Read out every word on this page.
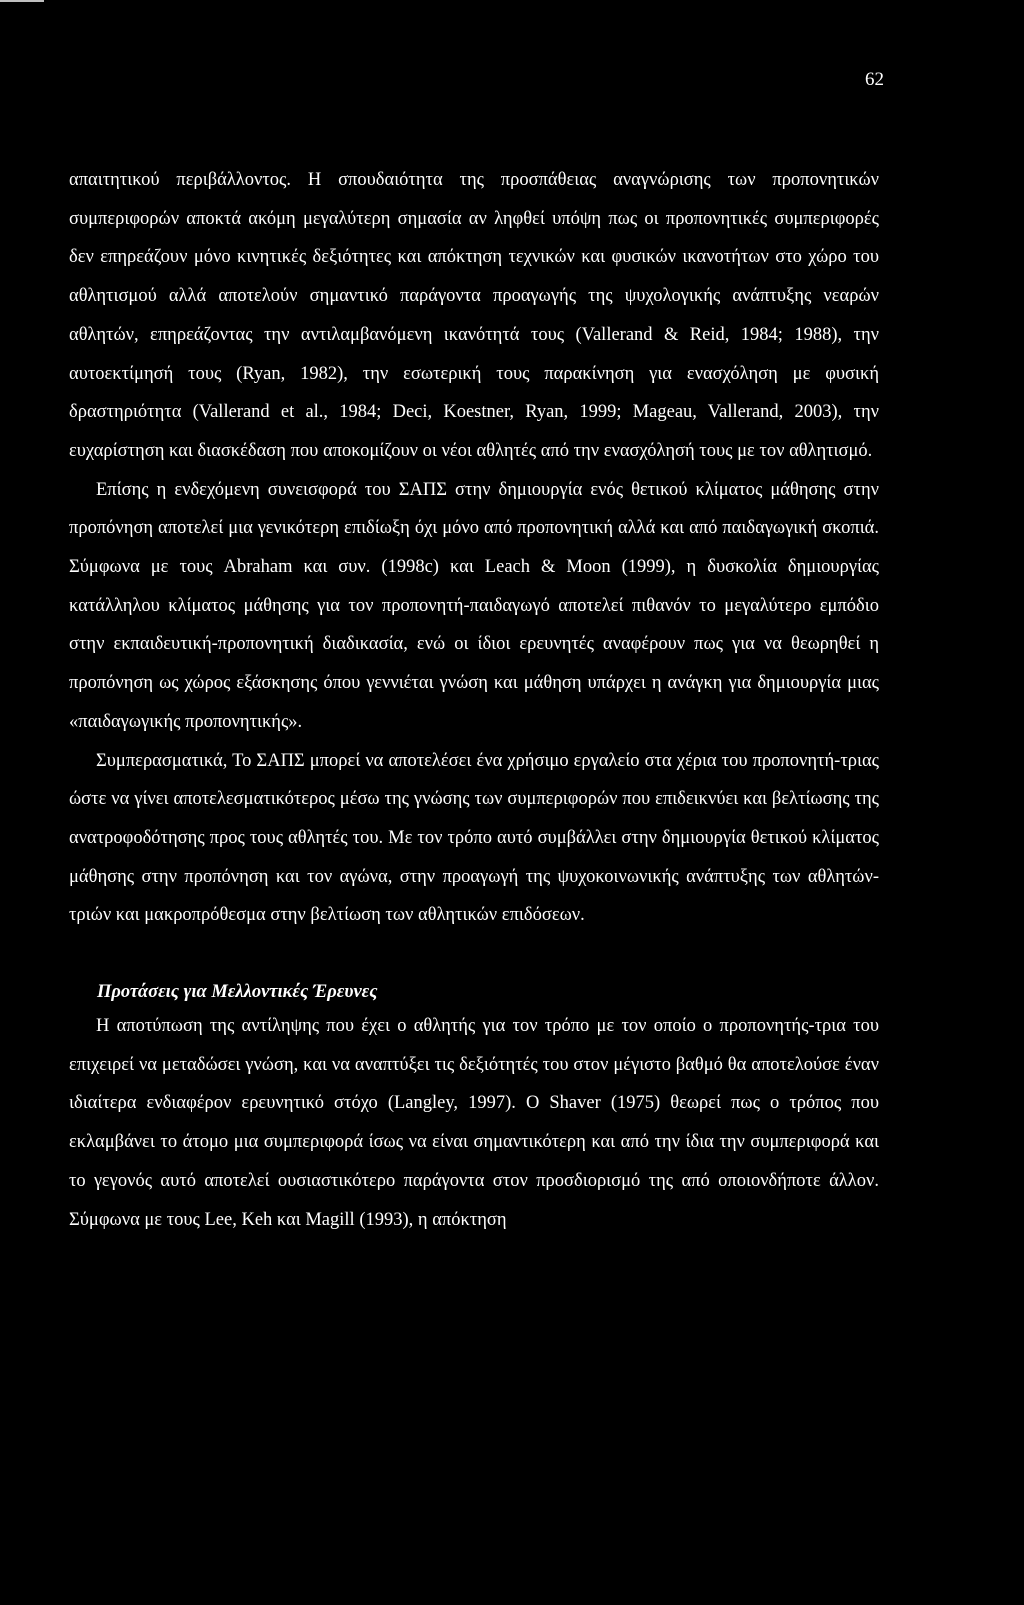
62

απαιτητικού περιβάλλοντος. Η σπουδαιότητα της προσπάθειας αναγνώρισης των προπονητικών συμπεριφορών αποκτά ακόμη μεγαλύτερη σημασία αν ληφθεί υπόψη πως οι προπονητικές συμπεριφορές δεν επηρεάζουν μόνο κινητικές δεξιότητες και απόκτηση τεχνικών και φυσικών ικανοτήτων στο χώρο του αθλητισμού αλλά αποτελούν σημαντικό παράγοντα προαγωγής της ψυχολογικής ανάπτυξης νεαρών αθλητών, επηρεάζοντας την αντιλαμβανόμενη ικανότητά τους (Vallerand & Reid, 1984; 1988), την αυτοεκτίμησή τους (Ryan, 1982), την εσωτερική τους παρακίνηση για ενασχόληση με φυσική δραστηριότητα (Vallerand et al., 1984; Deci, Koestner, Ryan, 1999; Mageau, Vallerand, 2003), την ευχαρίστηση και διασκέδαση που αποκομίζουν οι νέοι αθλητές από την ενασχόλησή τους με τον αθλητισμό.

Επίσης η ενδεχόμενη συνεισφορά του ΣΑΠΣ στην δημιουργία ενός θετικού κλίματος μάθησης στην προπόνηση αποτελεί μια γενικότερη επιδίωξη όχι μόνο από προπονητική αλλά και από παιδαγωγική σκοπιά. Σύμφωνα με τους Abraham και συν. (1998c) και Leach & Moon (1999), η δυσκολία δημιουργίας κατάλληλου κλίματος μάθησης για τον προπονητή-παιδαγωγό αποτελεί πιθανόν το μεγαλύτερο εμπόδιο στην εκπαιδευτική-προπονητική διαδικασία, ενώ οι ίδιοι ερευνητές αναφέρουν πως για να θεωρηθεί η προπόνηση ως χώρος εξάσκησης όπου γεννιέται γνώση και μάθηση υπάρχει η ανάγκη για δημιουργία μιας «παιδαγωγικής προπονητικής».

Συμπερασματικά, Το ΣΑΠΣ μπορεί να αποτελέσει ένα χρήσιμο εργαλείο στα χέρια του προπονητή-τριας ώστε να γίνει αποτελεσματικότερος μέσω της γνώσης των συμπεριφορών που επιδεικνύει και βελτίωσης της ανατροφοδότησης προς τους αθλητές του. Με τον τρόπο αυτό συμβάλλει στην δημιουργία θετικού κλίματος μάθησης στην προπόνηση και τον αγώνα, στην προαγωγή της ψυχοκοινωνικής ανάπτυξης των αθλητών-τριών και μακροπρόθεσμα στην βελτίωση των αθλητικών επιδόσεων.

Προτάσεις για Μελλοντικές Έρευνες

Η αποτύπωση της αντίληψης που έχει ο αθλητής για τον τρόπο με τον οποίο ο προπονητής-τρια του επιχειρεί να μεταδώσει γνώση, και να αναπτύξει τις δεξιότητές του στον μέγιστο βαθμό θα αποτελούσε έναν ιδιαίτερα ενδιαφέρον ερευνητικό στόχο (Langley, 1997). Ο Shaver (1975) θεωρεί πως ο τρόπος που εκλαμβάνει το άτομο μια συμπεριφορά ίσως να είναι σημαντικότερη και από την ίδια την συμπεριφορά και το γεγονός αυτό αποτελεί ουσιαστικότερο παράγοντα στον προσδιορισμό της από οποιονδήποτε άλλον. Σύμφωνα με τους Lee, Keh και Magill (1993), η απόκτηση
